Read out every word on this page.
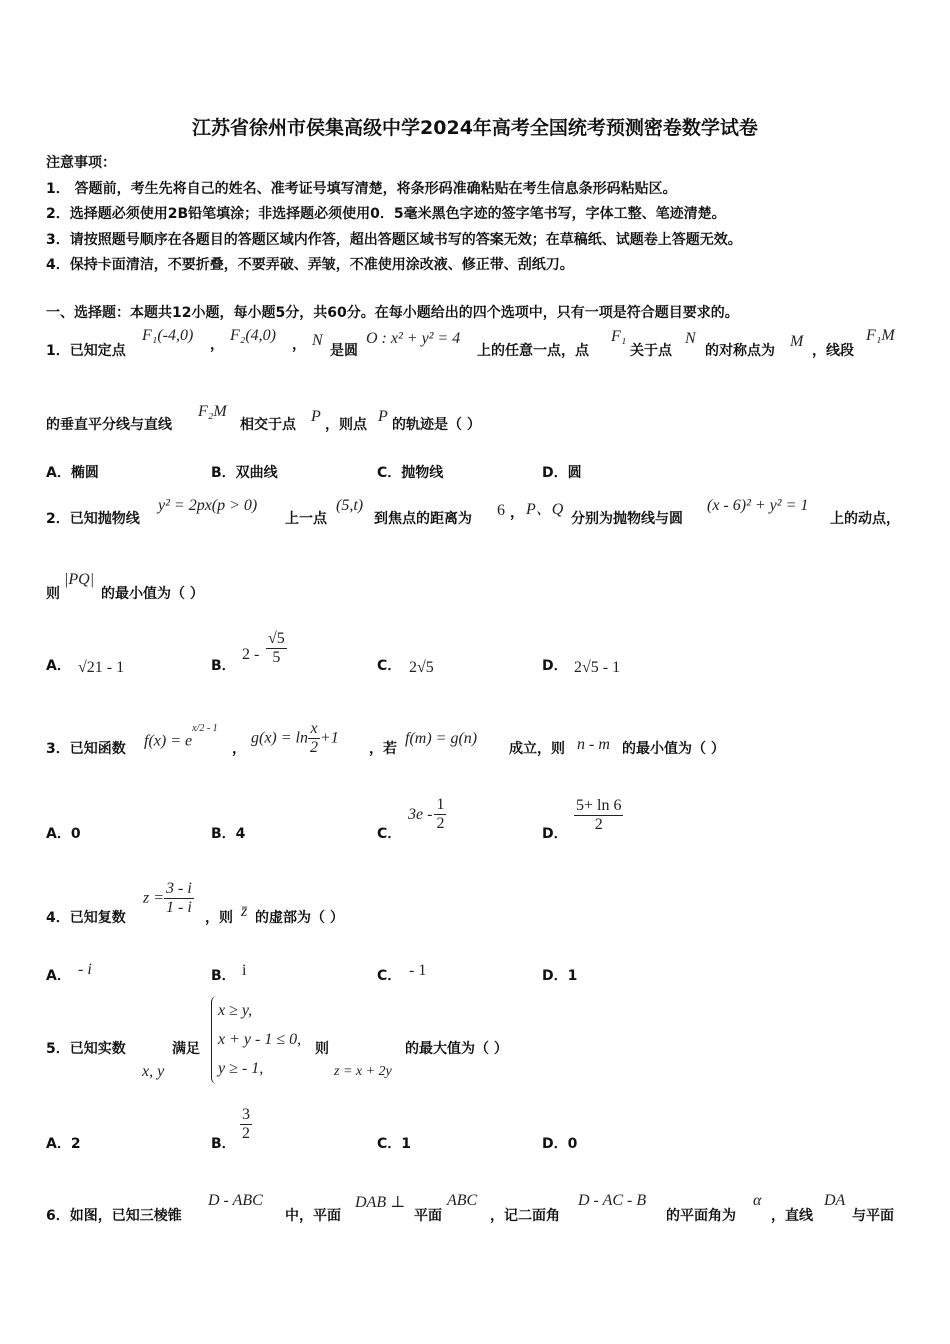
江苏省徐州市侯集高级中学2024年高考全国统考预测密卷数学试卷
注意事项：
1． 答题前，考生先将自己的姓名、准考证号填写清楚，将条形码准确粘贴在考生信息条形码粘贴区。
2．选择题必须使用2B铅笔填涂；非选择题必须使用0．5毫米黑色字迹的签字笔书写，字体工整、笔迹清楚。
3．请按照题号顺序在各题目的答题区域内作答，超出答题区域书写的答案无效；在草稿纸、试题卷上答题无效。
4．保持卡面清洁，不要折叠，不要弄破、弄皱，不准使用涂改液、修正带、刮纸刀。
一、选择题：本题共12小题，每小题5分，共60分。在每小题给出的四个选项中，只有一项是符合题目要求的。
1．已知定点
F₁(-4,0)
，
F₂(4,0)
， N
是圆
O : x² + y² = 4
上的任意一点，点
F₁
关于点
N
的对称点为
M
，线段
F₁M
的垂直平分线与直线
F₂M
相交于点 P ，则点 P 的轨迹是（ ）
A．椭圆	B．双曲线	C．抛物线	D．圆
2．已知抛物线
y² = 2px(p > 0)
上一点
(5,t)
到焦点的距离为 6 ， P、Q
分别为抛物线与圆
(x - 6)² + y² = 1
上的动点，
则
|PQ|
的最小值为（ ）
A． √21 - 1	B．
$2 - \frac{√5}{5}$	C． 2√5	D． 2√5 - 1
3．已知函数 $f(x) = e^{x/2 - 1}$
，
$g(x) = \ln \frac{x}{2} +1$
，若
f(m) = g(n)
成立，则 n - m 的最小值为（ ）
A．0	B．4	C．
$3e - \frac{1}{2}$
D． $\frac{5+ \ln 6}{2}$
4．已知复数
$z = \frac{3 - i}{1 - i}$
，则 z̄ 的虚部为（ ）
A． - i	B． i	C． - 1	D．1
5．已知实数
x, y
满足
x ≥ y,
x + y - 1 ≤ 0,
y ≥ - 1,
则
z = x + 2y
的最大值为（ ）
A．2	B．
$\frac{3}{2}$
C．1	D．0
6．如图，已知三棱锥
D - ABC
中，平面
DAB ⊥
平面
ABC
，记二面角
D - AC - B
的平面角为
α
，直线
DA
与平面
